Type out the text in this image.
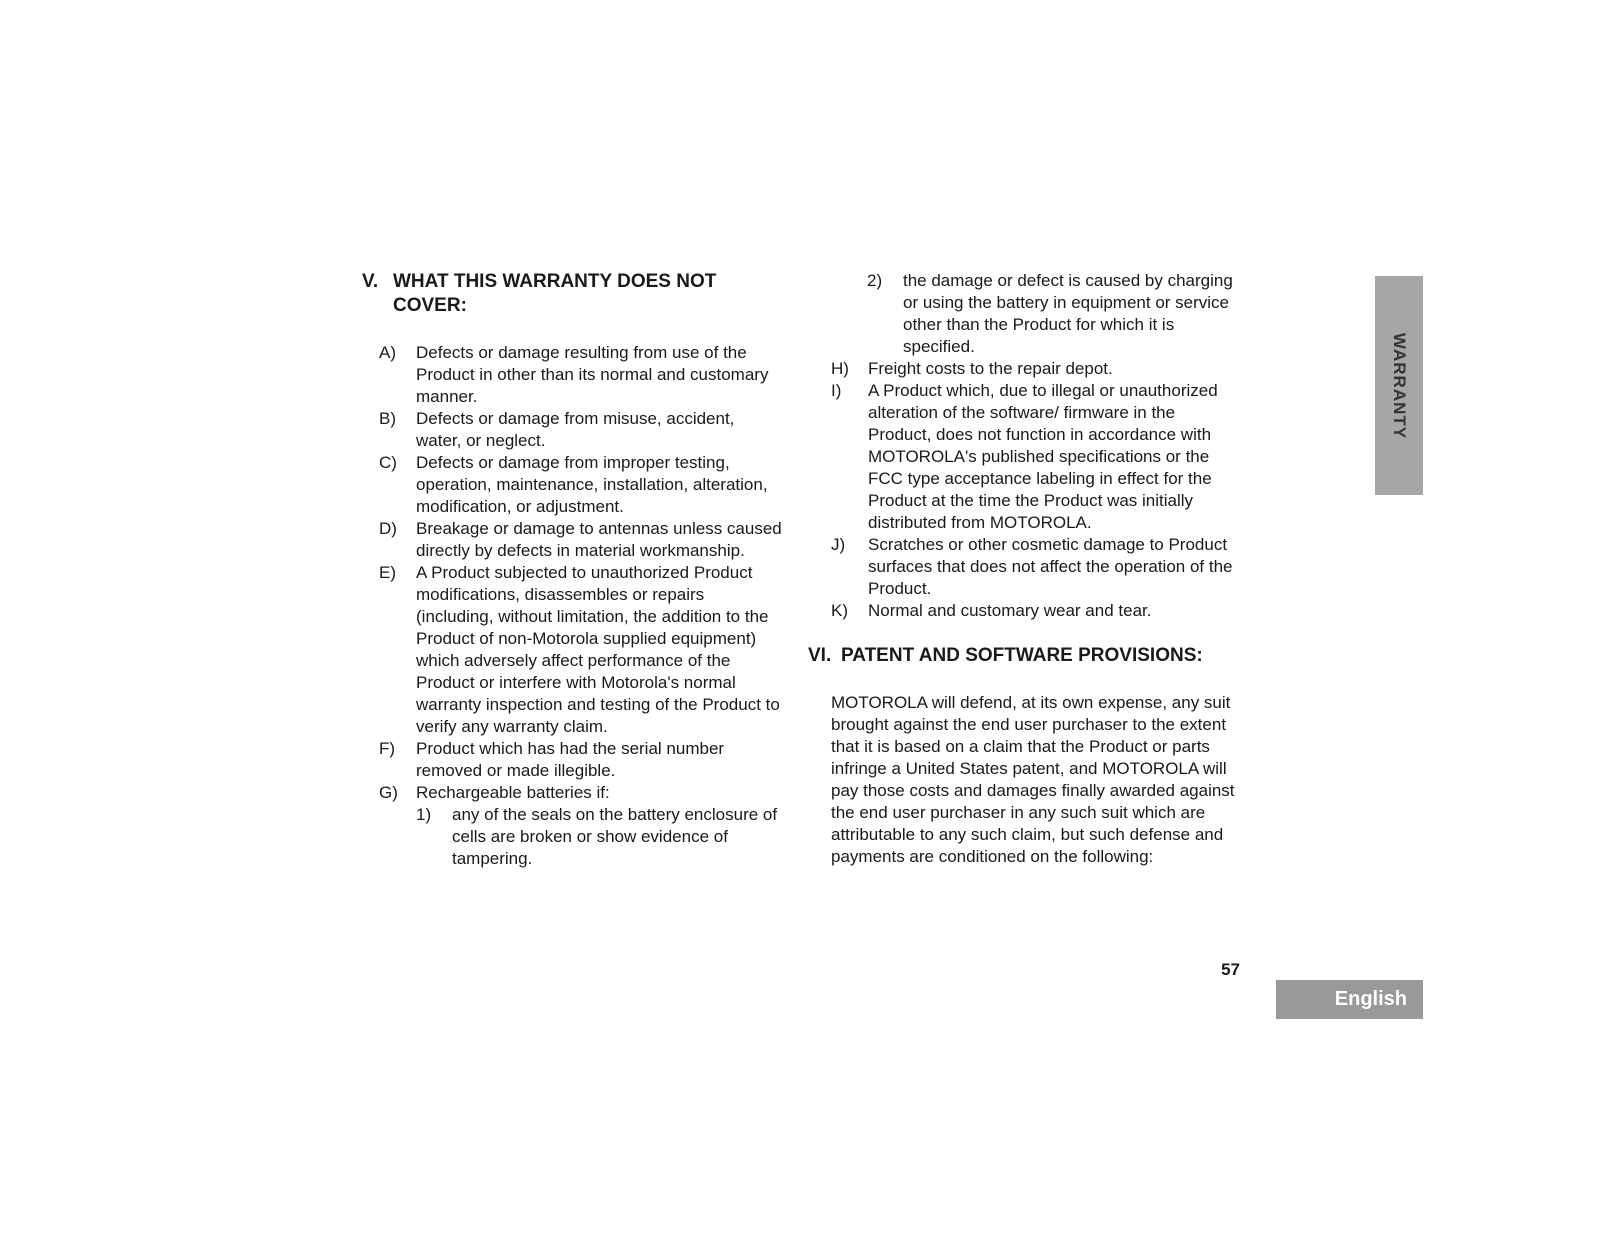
V. WHAT THIS WARRANTY DOES NOT COVER:
A)	Defects or damage resulting from use of the Product in other than its normal and customary manner.
B)	Defects or damage from misuse, accident, water, or neglect.
C)	Defects or damage from improper testing, operation, maintenance, installation, alteration, modification, or adjustment.
D)	Breakage or damage to antennas unless caused directly by defects in material workmanship.
E)	A Product subjected to unauthorized Product modifications, disassembles or repairs (including, without limitation, the addition to the Product of non-Motorola supplied equipment) which adversely affect performance of the Product or interfere with Motorola's normal warranty inspection and testing of the Product to verify any warranty claim.
F)	Product which has had the serial number removed or made illegible.
G)	Rechargeable batteries if:
1)	any of the seals on the battery enclosure of cells are broken or show evidence of tampering.
2)	the damage or defect is caused by charging or using the battery in equipment or service other than the Product for which it is specified.
H)	Freight costs to the repair depot.
I)	A Product which, due to illegal or unauthorized alteration of the software/ firmware in the Product, does not function in accordance with MOTOROLA's published specifications or the FCC type acceptance labeling in effect for the Product at the time the Product was initially distributed from MOTOROLA.
J)	Scratches or other cosmetic damage to Product surfaces that does not affect the operation of the Product.
K)	Normal and customary wear and tear.
VI. PATENT AND SOFTWARE PROVISIONS:

MOTOROLA will defend, at its own expense, any suit brought against the end user purchaser to the extent that it is based on a claim that the Product or parts infringe a United States patent, and MOTOROLA will pay those costs and damages finally awarded against the end user purchaser in any such suit which are attributable to any such claim, but such defense and payments are conditioned on the following:

WARRANTY
57
English
